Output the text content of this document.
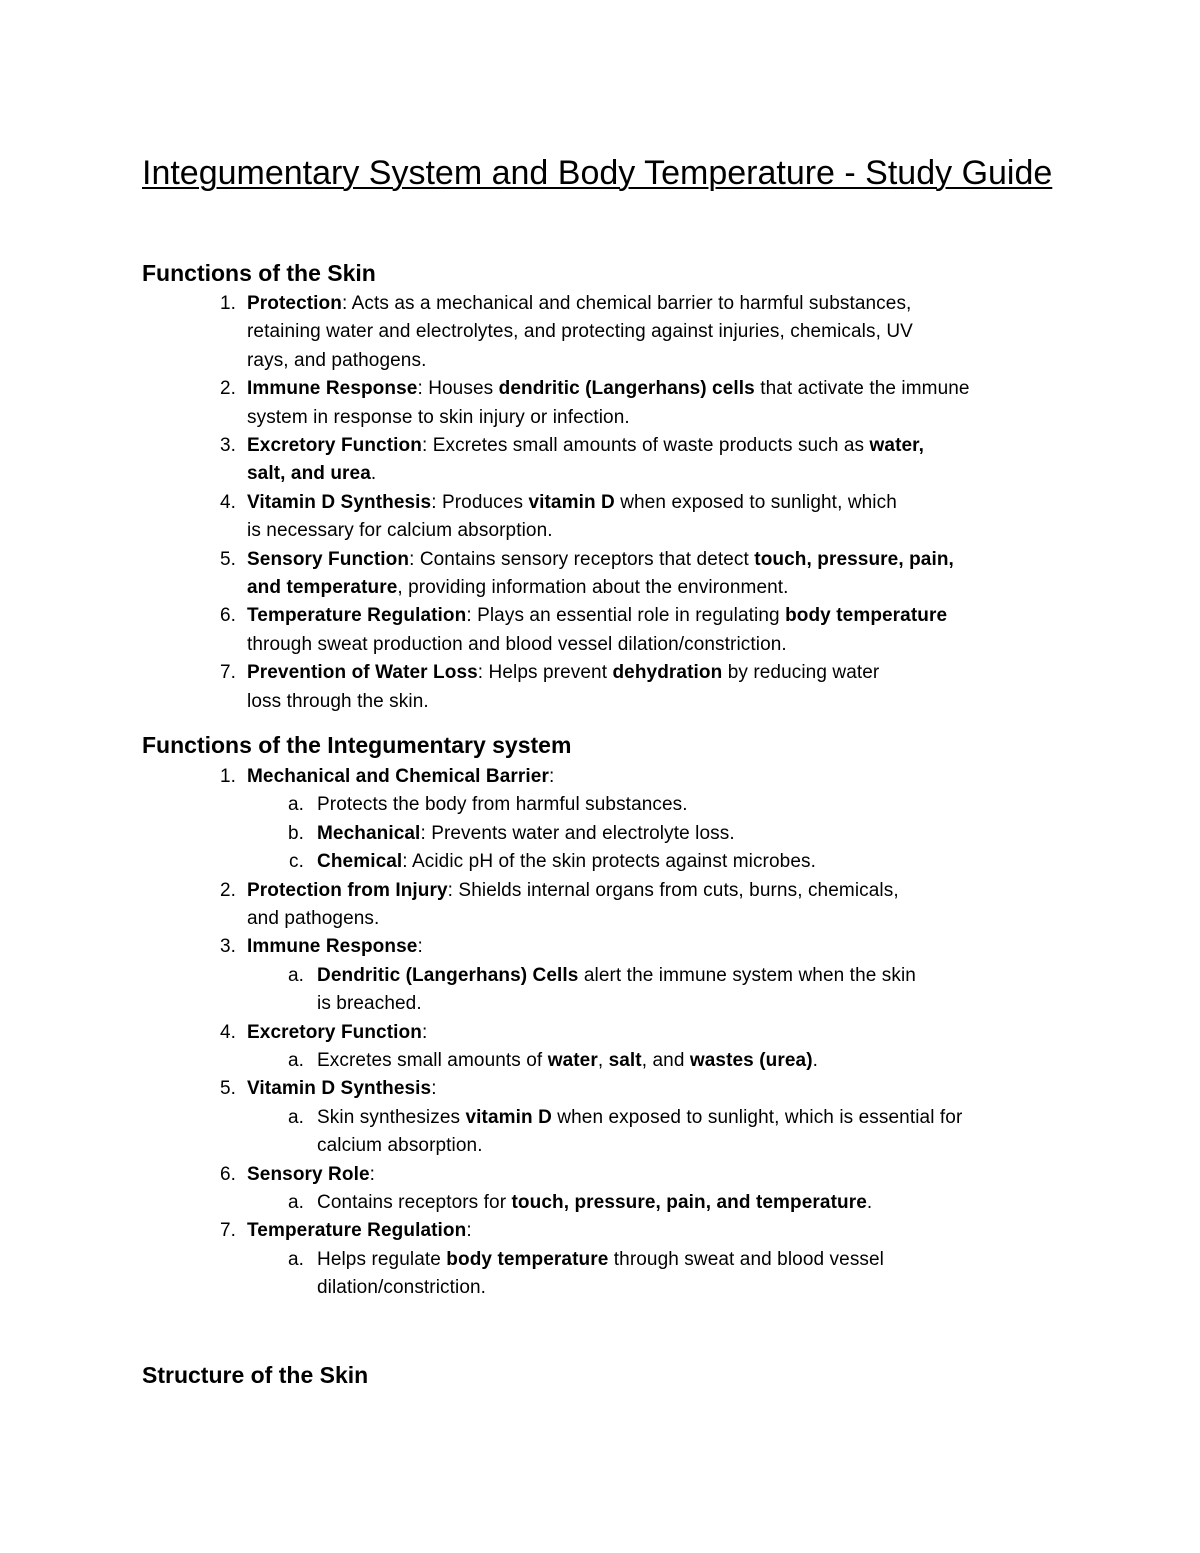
Integumentary System and Body Temperature - Study Guide
Functions of the Skin
1. Protection: Acts as a mechanical and chemical barrier to harmful substances,
retaining water and electrolytes, and protecting against injuries, chemicals, UV
rays, and pathogens.
2. Immune Response: Houses dendritic (Langerhans) cells that activate the immune
system in response to skin injury or infection.
3. Excretory Function: Excretes small amounts of waste products such as water,
salt, and urea.
4. Vitamin D Synthesis: Produces vitamin D when exposed to sunlight, which
is necessary for calcium absorption.
5. Sensory Function: Contains sensory receptors that detect touch, pressure, pain,
and temperature, providing information about the environment.
6. Temperature Regulation: Plays an essential role in regulating body temperature
through sweat production and blood vessel dilation/constriction.
7. Prevention of Water Loss: Helps prevent dehydration by reducing water
loss through the skin.
Functions of the Integumentary system
1. Mechanical and Chemical Barrier:
a. Protects the body from harmful substances.
b. Mechanical: Prevents water and electrolyte loss.
c. Chemical: Acidic pH of the skin protects against microbes.
2. Protection from Injury: Shields internal organs from cuts, burns, chemicals,
and pathogens.
3. Immune Response:
a. Dendritic (Langerhans) Cells alert the immune system when the skin
is breached.
4. Excretory Function:
a. Excretes small amounts of water, salt, and wastes (urea).
5. Vitamin D Synthesis:
a. Skin synthesizes vitamin D when exposed to sunlight, which is essential for
calcium absorption.
6. Sensory Role:
a. Contains receptors for touch, pressure, pain, and temperature.
7. Temperature Regulation:
a. Helps regulate body temperature through sweat and blood vessel
dilation/constriction.
Structure of the Skin
